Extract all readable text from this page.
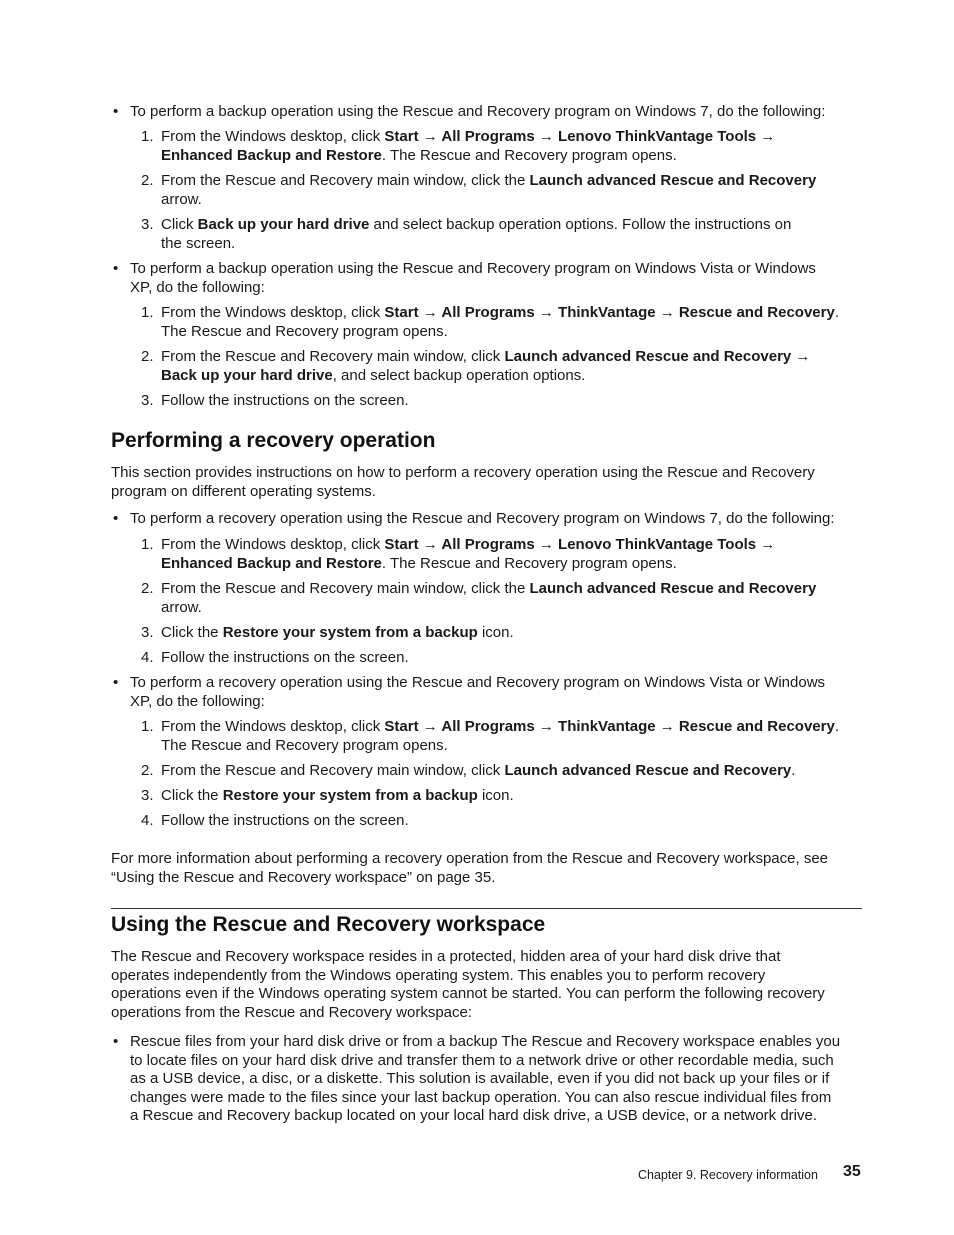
• To perform a backup operation using the Rescue and Recovery program on Windows 7, do the following:
1. From the Windows desktop, click Start → All Programs → Lenovo ThinkVantage Tools →
Enhanced Backup and Restore. The Rescue and Recovery program opens.
2. From the Rescue and Recovery main window, click the Launch advanced Rescue and Recovery
arrow.
3. Click Back up your hard drive and select backup operation options. Follow the instructions on
the screen.
• To perform a backup operation using the Rescue and Recovery program on Windows Vista or Windows
XP, do the following:
1. From the Windows desktop, click Start → All Programs → ThinkVantage → Rescue and Recovery.
The Rescue and Recovery program opens.
2. From the Rescue and Recovery main window, click Launch advanced Rescue and Recovery →
Back up your hard drive, and select backup operation options.
3. Follow the instructions on the screen.
Performing a recovery operation
This section provides instructions on how to perform a recovery operation using the Rescue and Recovery
program on different operating systems.
• To perform a recovery operation using the Rescue and Recovery program on Windows 7, do the following:
1. From the Windows desktop, click Start → All Programs → Lenovo ThinkVantage Tools →
Enhanced Backup and Restore. The Rescue and Recovery program opens.
2. From the Rescue and Recovery main window, click the Launch advanced Rescue and Recovery
arrow.
3. Click the Restore your system from a backup icon.
4. Follow the instructions on the screen.
• To perform a recovery operation using the Rescue and Recovery program on Windows Vista or Windows
XP, do the following:
1. From the Windows desktop, click Start → All Programs → ThinkVantage → Rescue and Recovery.
The Rescue and Recovery program opens.
2. From the Rescue and Recovery main window, click Launch advanced Rescue and Recovery.
3. Click the Restore your system from a backup icon.
4. Follow the instructions on the screen.
For more information about performing a recovery operation from the Rescue and Recovery workspace, see
“Using the Rescue and Recovery workspace” on page 35.
Using the Rescue and Recovery workspace
The Rescue and Recovery workspace resides in a protected, hidden area of your hard disk drive that
operates independently from the Windows operating system. This enables you to perform recovery
operations even if the Windows operating system cannot be started. You can perform the following recovery
operations from the Rescue and Recovery workspace:
• Rescue files from your hard disk drive or from a backup The Rescue and Recovery workspace enables you
to locate files on your hard disk drive and transfer them to a network drive or other recordable media, such
as a USB device, a disc, or a diskette. This solution is available, even if you did not back up your files or if
changes were made to the files since your last backup operation. You can also rescue individual files from
a Rescue and Recovery backup located on your local hard disk drive, a USB device, or a network drive.
Chapter 9. Recovery information 35
